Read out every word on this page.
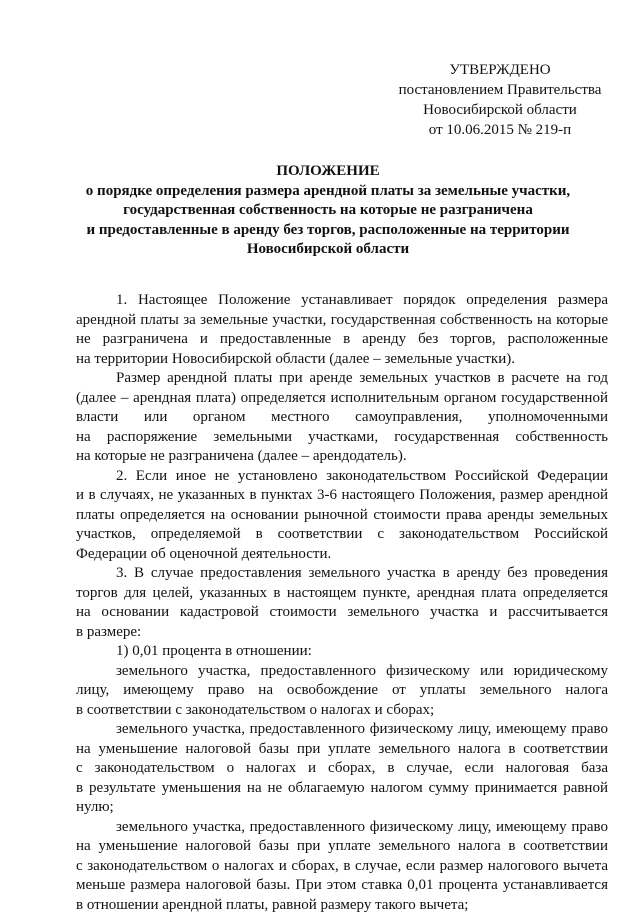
УТВЕРЖДЕНО
постановлением Правительства
Новосибирской области
от 10.06.2015 № 219-п
ПОЛОЖЕНИЕ
о порядке определения размера арендной платы за земельные участки,
государственная собственность на которые не разграничена
и предоставленные в аренду без торгов, расположенные на территории
Новосибирской области

1. Настоящее Положение устанавливает порядок определения размера
арендной платы за земельные участки, государственная собственность на которые
не разграничена и предоставленные в аренду без торгов, расположенные
на территории Новосибирской области (далее – земельные участки).

Размер арендной платы при аренде земельных участков в расчете на год
(далее – арендная плата) определяется исполнительным органом государственной
власти или органом местного самоуправления, уполномоченными
на распоряжение земельными участками, государственная собственность
на которые не разграничена (далее – арендодатель).

2. Если иное не установлено законодательством Российской Федерации
и в случаях, не указанных в пунктах 3-6 настоящего Положения, размер арендной
платы определяется на основании рыночной стоимости права аренды земельных
участков, определяемой в соответствии с законодательством Российской
Федерации об оценочной деятельности.

3. В случае предоставления земельного участка в аренду без проведения
торгов для целей, указанных в настоящем пункте, арендная плата определяется
на основании кадастровой стоимости земельного участка и рассчитывается
в размере:

1) 0,01 процента в отношении:

земельного участка, предоставленного физическому или юридическому
лицу, имеющему право на освобождение от уплаты земельного налога
в соответствии с законодательством о налогах и сборах;

земельного участка, предоставленного физическому лицу, имеющему право
на уменьшение налоговой базы при уплате земельного налога в соответствии
с законодательством о налогах и сборах, в случае, если налоговая база
в результате уменьшения на не облагаемую налогом сумму принимается равной
нулю;

земельного участка, предоставленного физическому лицу, имеющему право
на уменьшение налоговой базы при уплате земельного налога в соответствии
с законодательством о налогах и сборах, в случае, если размер налогового вычета
меньше размера налоговой базы. При этом ставка 0,01 процента устанавливается
в отношении арендной платы, равной размеру такого вычета;
